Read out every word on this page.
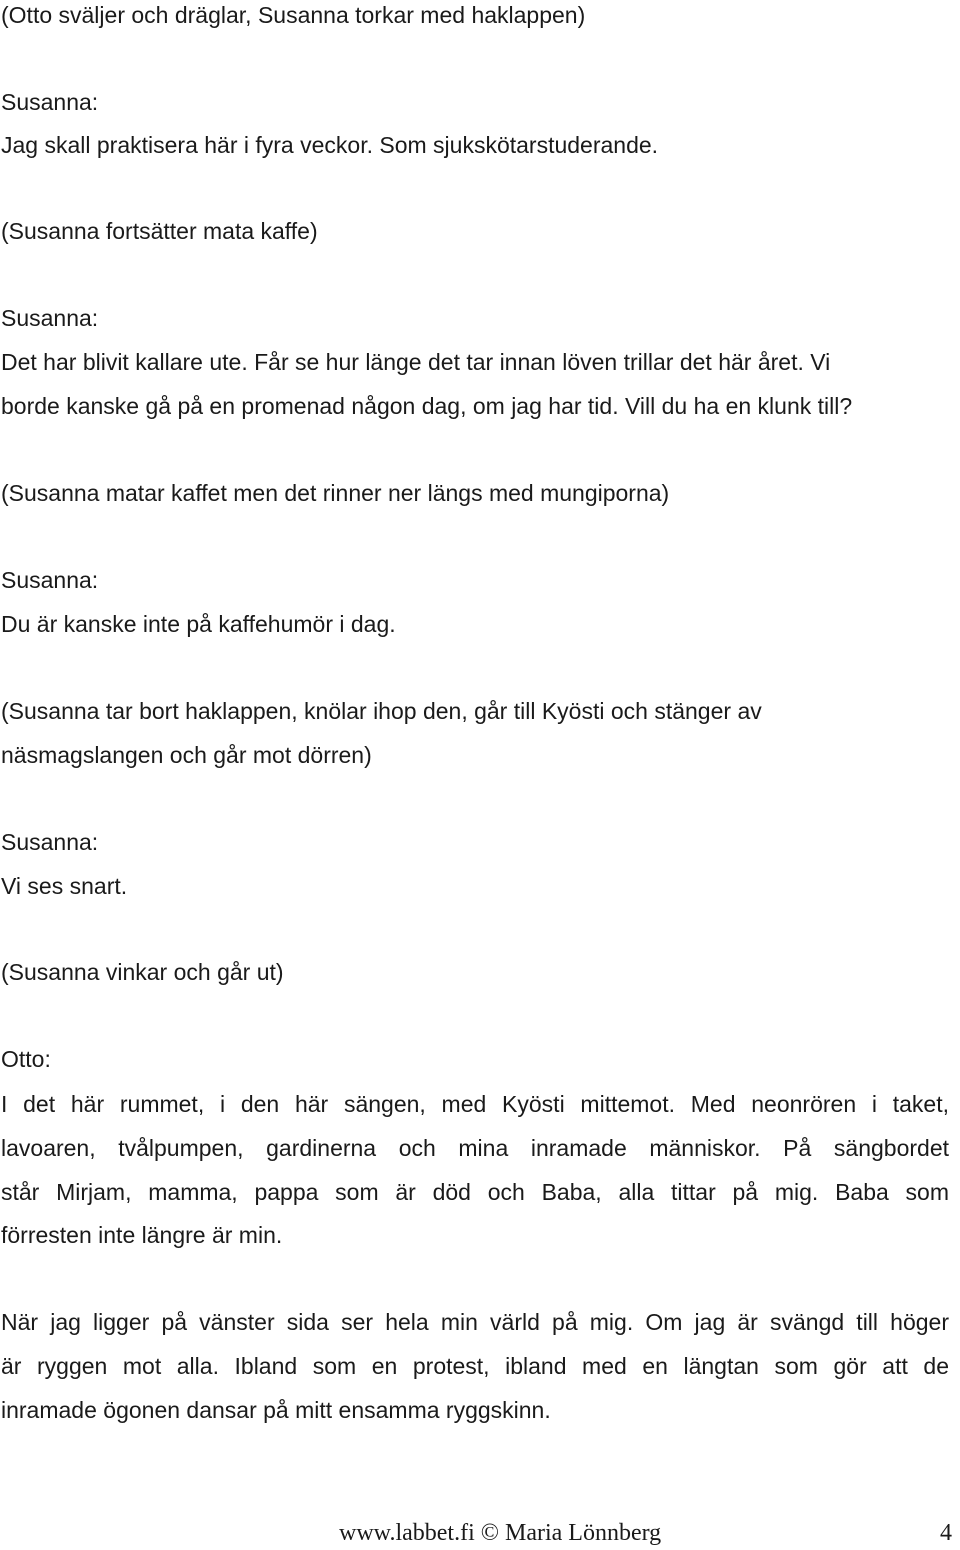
(Otto sväljer och dräglar, Susanna torkar med haklappen)

Susanna:

Jag skall praktisera här i fyra veckor. Som sjukskötarstuderande.

(Susanna fortsätter mata kaffe)

Susanna:

Det har blivit kallare ute. Får se hur länge det tar innan löven trillar det här året. Vi

borde kanske gå på en promenad någon dag, om jag har tid. Vill du ha en klunk till?

(Susanna matar kaffet men det rinner ner längs med mungiporna)

Susanna:

Du är kanske inte på kaffehumör i dag.

(Susanna tar bort haklappen, knölar ihop den, går till Kyösti och stänger av

näsmagslangen och går mot dörren)

Susanna:

Vi ses snart.

(Susanna vinkar och går ut)

Otto:

I det här rummet, i den här sängen, med Kyösti mittemot. Med neonrören i taket,

lavoaren, tvålpumpen, gardinerna och mina inramade människor. På sängbordet

står Mirjam, mamma, pappa som är död och Baba, alla tittar på mig. Baba som

förresten inte längre är min.

När jag ligger på vänster sida ser hela min värld på mig. Om jag är svängd till höger

är ryggen mot alla. Ibland som en protest, ibland med en längtan som gör att de

inramade ögonen dansar på mitt ensamma ryggskinn.

www.labbet.fi © Maria Lönnberg	4
